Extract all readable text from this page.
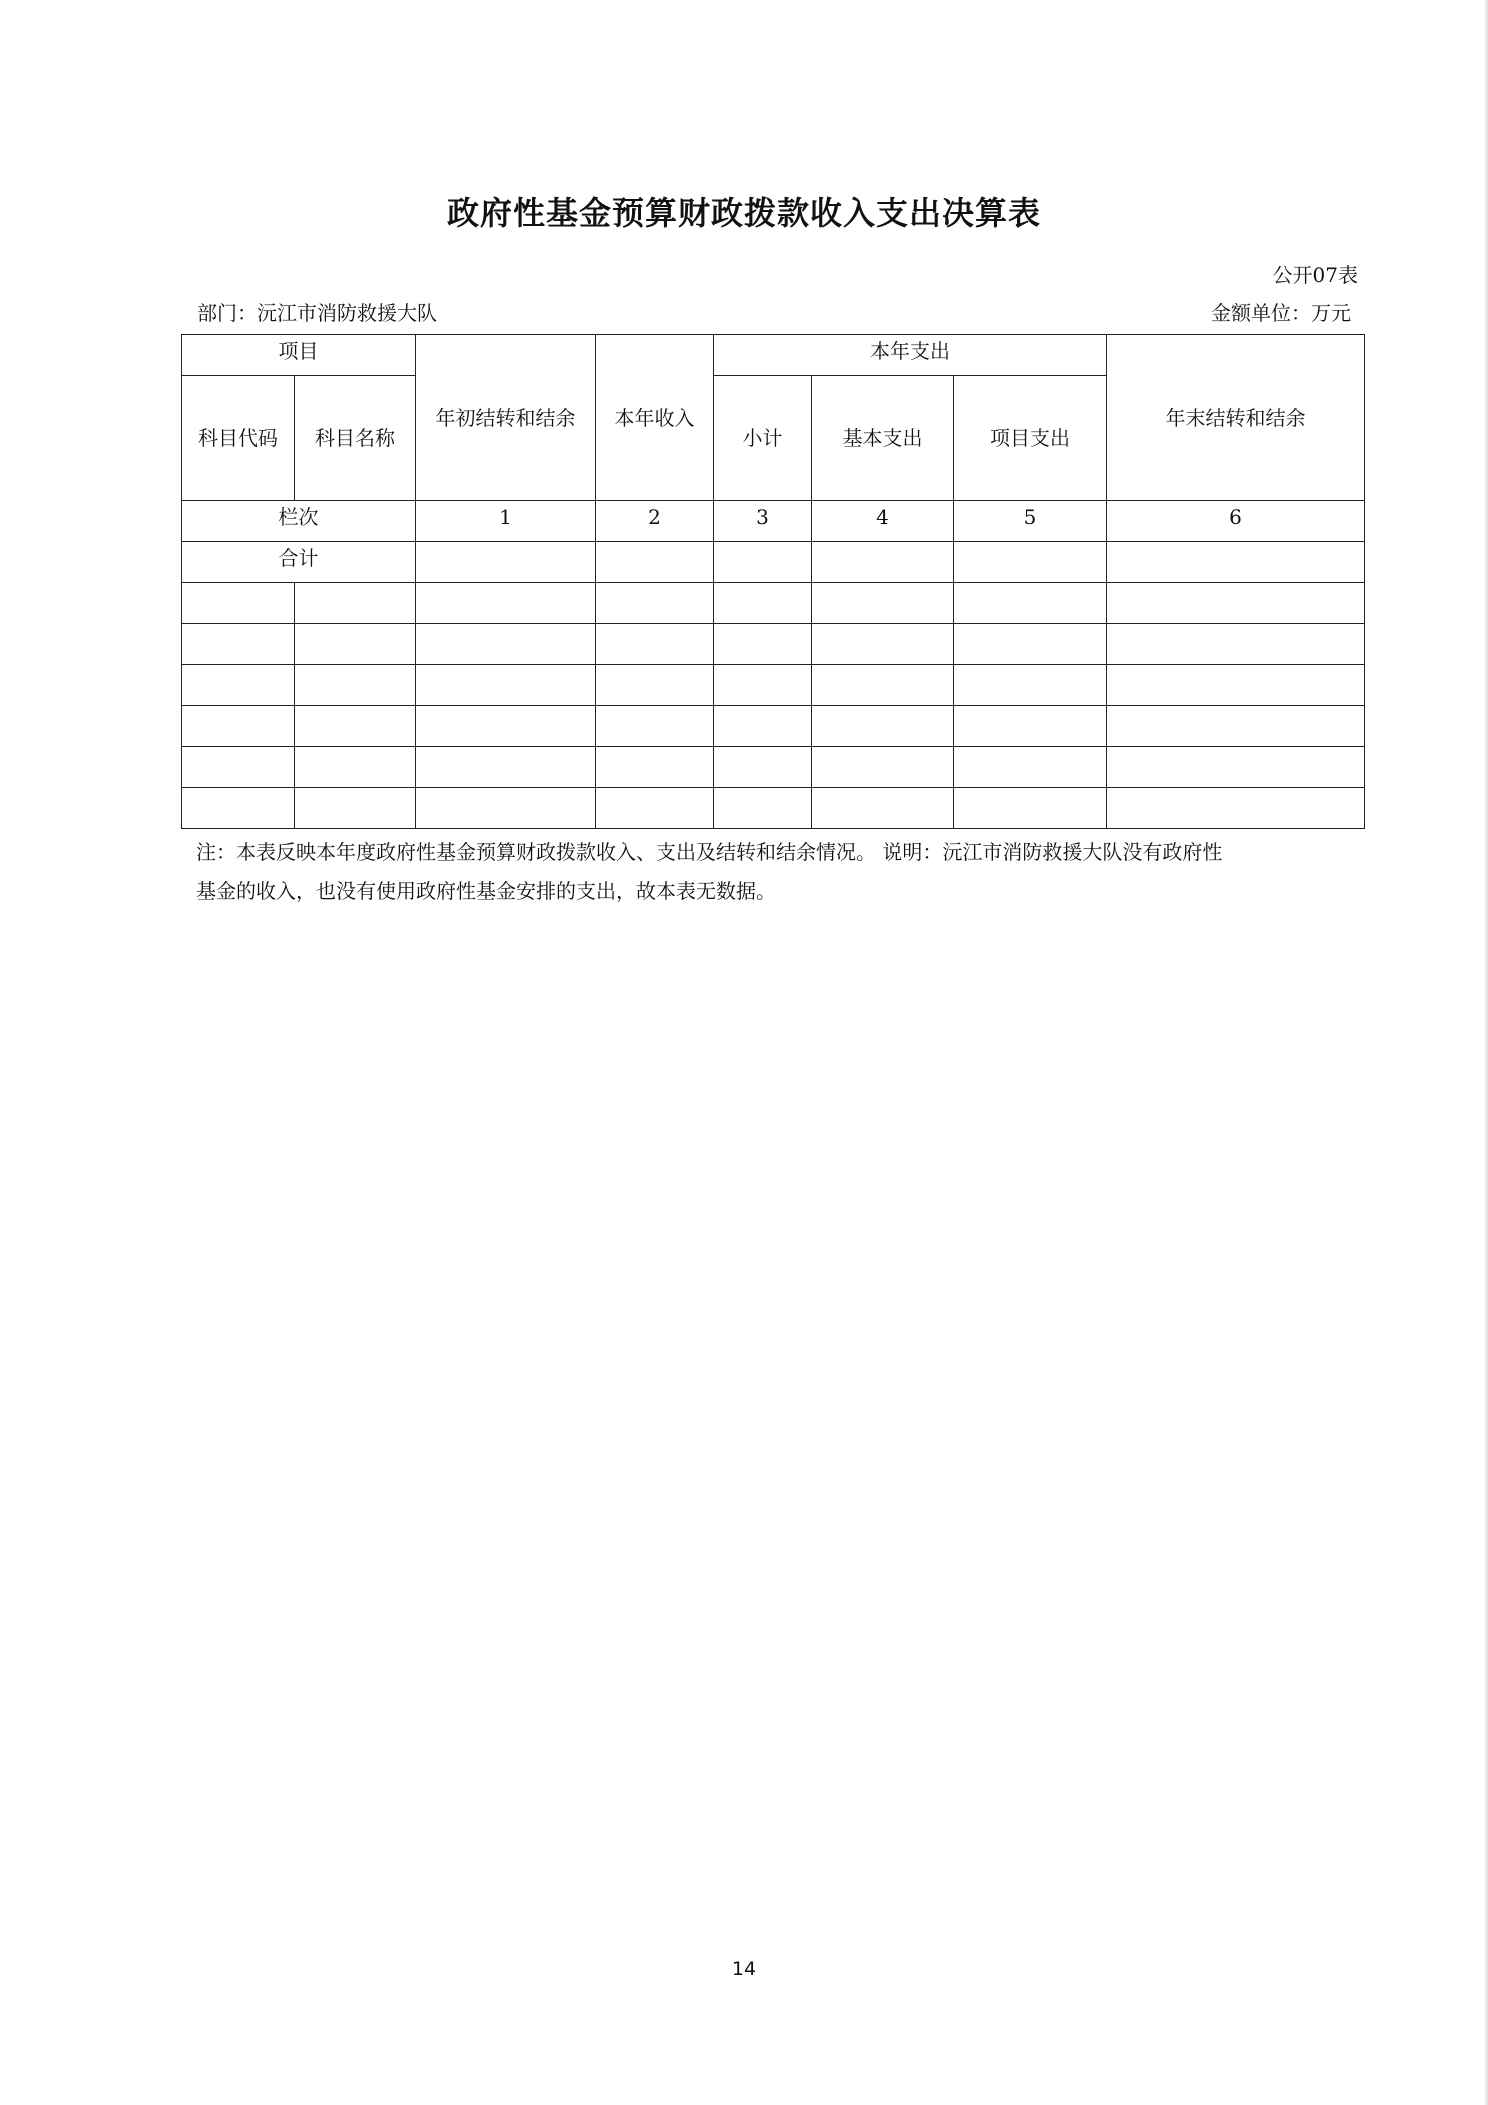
政府性基金预算财政拨款收入支出决算表
公开07表
部门：沅江市消防救援大队	金额单位：万元
项目		年初结转和结余	本年收入	本年支出			年末结转和结余
科目代码	科目名称			小计	基本支出	项目支出	
栏次		1	2	3	4	5	6
合计							

注：本表反映本年度政府性基金预算财政拨款收入、支出及结转和结余情况。 说明：沅江市消防救援大队没有政府性基金的收入，也没有使用政府性基金安排的支出，故本表无数据。

14
